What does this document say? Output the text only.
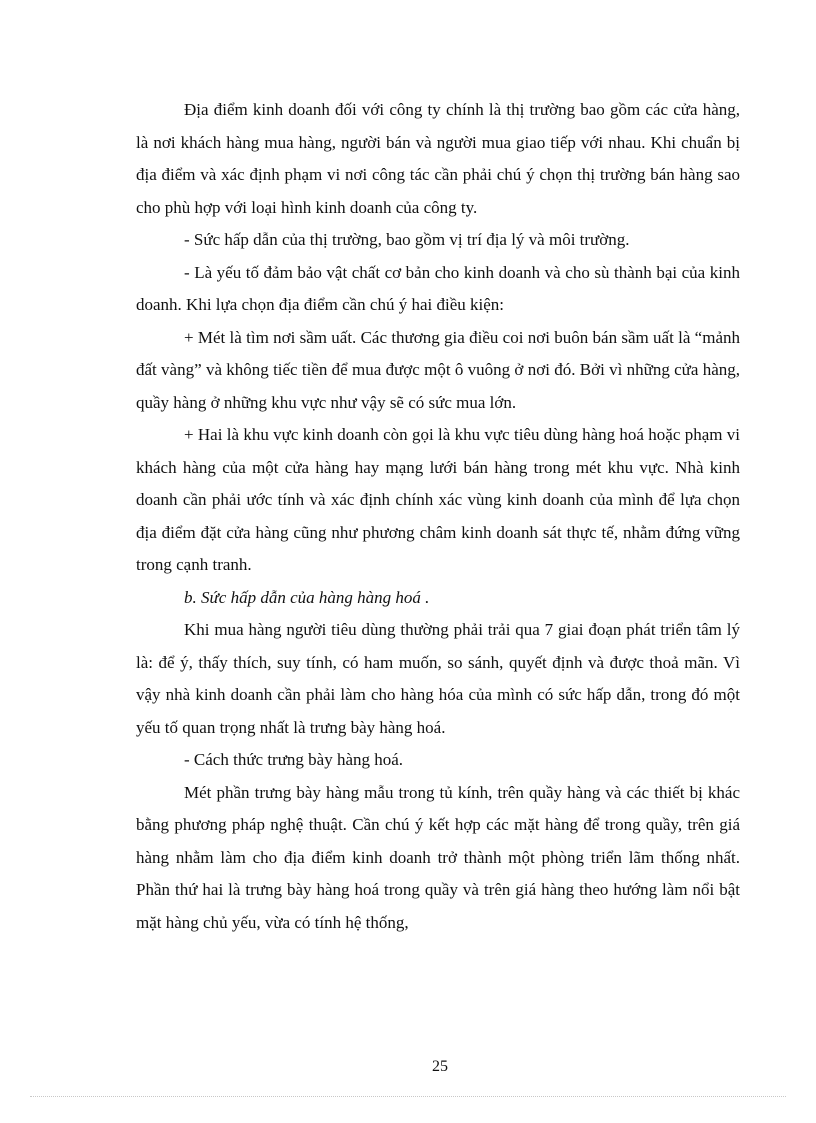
Địa điểm kinh doanh đối với công ty chính là thị trường bao gồm các cửa hàng, là nơi khách hàng mua hàng, người bán và người mua giao tiếp với nhau. Khi chuẩn bị địa điểm và xác định phạm vi nơi công tác cần phải chú ý chọn thị trường bán hàng sao cho phù hợp với loại hình kinh doanh của công ty.

- Sức hấp dẫn của thị trường, bao gồm vị trí địa lý và môi trường.

- Là yếu tố đảm bảo vật chất cơ bản cho kinh doanh và cho sù thành bại của kinh doanh. Khi lựa chọn địa điểm cần chú ý hai điều kiện:

+ Mét là tìm nơi sầm uất. Các thương gia điều coi nơi buôn bán sầm uất là “mảnh đất vàng” và không tiếc tiền để mua được một ô vuông ở nơi đó. Bởi vì những cửa hàng, quầy hàng ở những khu vực như vậy sẽ có sức mua lớn.

+ Hai là khu vực kinh doanh còn gọi là khu vực tiêu dùng hàng hoá hoặc phạm vi khách hàng của một cửa hàng hay mạng lưới bán hàng trong mét khu vực. Nhà kinh doanh cần phải ước tính và xác định chính xác vùng kinh doanh của mình để lựa chọn địa điểm đặt cửa hàng cũng như phương châm kinh doanh sát thực tế, nhằm đứng vững trong cạnh tranh.

b. Sức hấp dẫn của hàng hàng hoá .

Khi mua hàng người tiêu dùng thường phải trải qua 7 giai đoạn phát triển tâm lý là: để ý, thấy thích, suy tính, có ham muốn, so sánh, quyết định và được thoả mãn. Vì vậy nhà kinh doanh cần phải làm cho hàng hóa của mình có sức hấp dẫn, trong đó một yếu tố quan trọng nhất là trưng bày hàng hoá.

- Cách thức trưng bày hàng hoá.

Mét phần trưng bày hàng mẫu trong tủ kính, trên quầy hàng và các thiết bị khác bằng phương pháp nghệ thuật. Cần chú ý kết hợp các mặt hàng để trong quầy, trên giá hàng nhằm làm cho địa điểm kinh doanh trở thành một phòng triển lãm thống nhất. Phần thứ hai là trưng bày hàng hoá trong quầy và trên giá hàng theo hướng làm nổi bật mặt hàng chủ yếu, vừa có tính hệ thống,

25
